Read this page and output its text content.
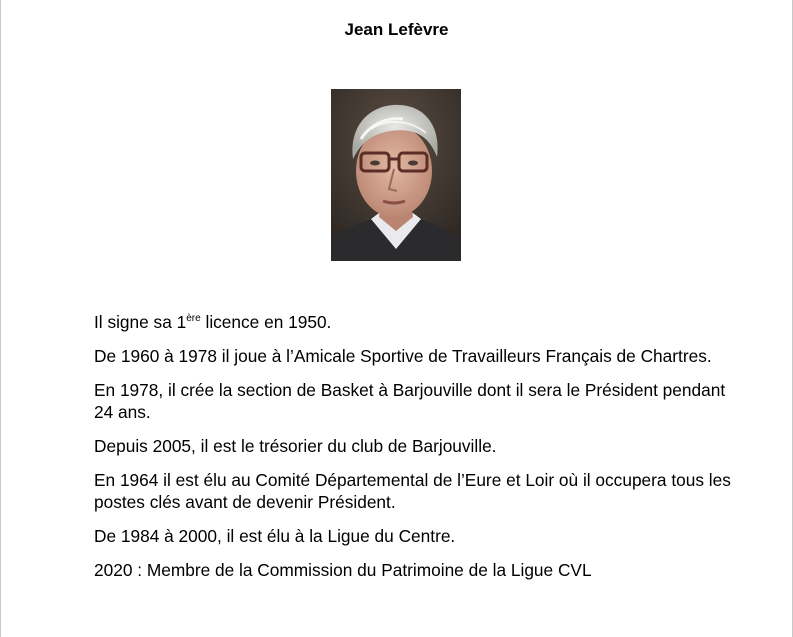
Jean Lefèvre

Il signe sa 1ère licence en 1950.

De 1960 à 1978 il joue à l’Amicale Sportive de Travailleurs Français de Chartres.

En 1978, il crée la section de Basket à Barjouville dont il sera le Président pendant 24 ans.

Depuis 2005, il est le trésorier du club de Barjouville.

En 1964 il est élu au Comité Départemental de l’Eure et Loir où il occupera tous les postes clés avant de devenir Président.

De 1984 à 2000, il est élu à la Ligue du Centre.

2020 : Membre de la Commission du Patrimoine de la Ligue CVL
